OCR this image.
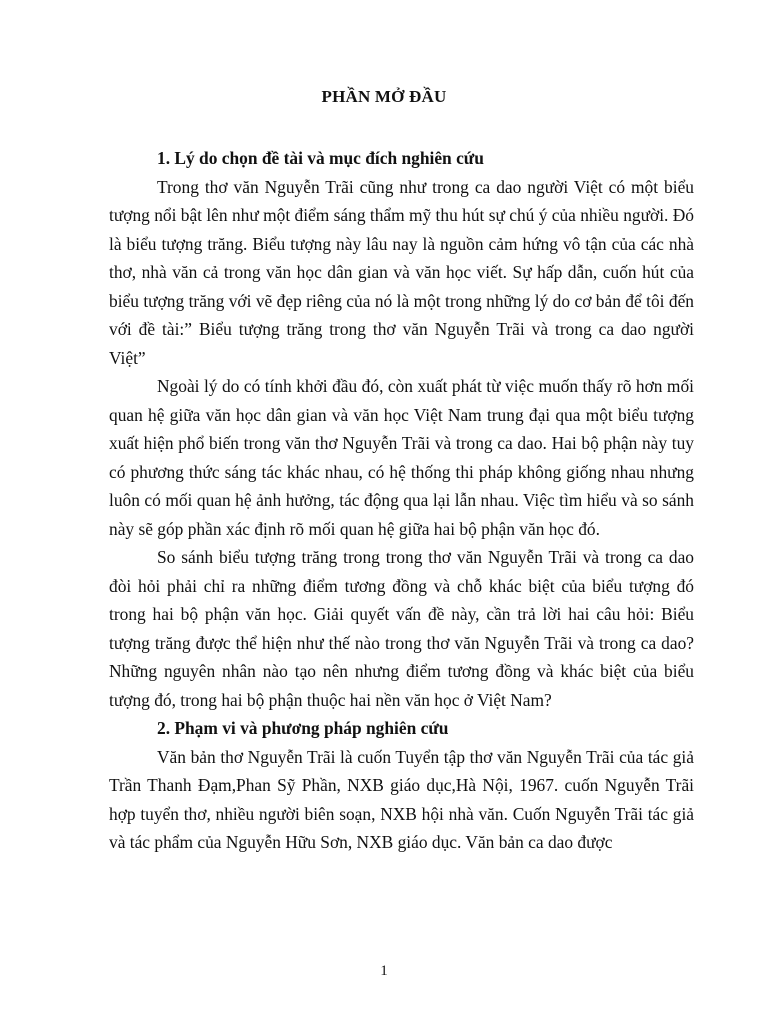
PHẦN MỞ ĐẦU
1. Lý do chọn đề tài và mục đích nghiên cứu

Trong thơ văn Nguyễn Trãi cũng như trong ca dao người Việt có một biểu tượng nổi bật lên như một điểm sáng thẩm mỹ thu hút sự chú ý của nhiều người. Đó là biểu tượng trăng. Biểu tượng này lâu nay là nguồn cảm hứng vô tận của các nhà thơ, nhà văn cả trong văn học dân gian và văn học viết. Sự hấp dẫn, cuốn hút của biểu tượng trăng với vẽ đẹp riêng của nó là một trong những lý do cơ bản để tôi đến với đề tài:” Biểu tượng trăng trong thơ văn Nguyễn Trãi và trong ca dao người Việt”

Ngoài lý do có tính khởi đầu đó, còn xuất phát từ việc muốn thấy rõ hơn mối quan hệ giữa văn học dân gian và văn học Việt Nam trung đại qua một biểu tượng xuất hiện phổ biến trong văn thơ Nguyễn Trãi và trong ca dao. Hai bộ phận này tuy có phương thức sáng tác khác nhau, có hệ thống thi pháp không giống nhau nhưng luôn có mối quan hệ ảnh hưởng, tác động qua lại lẫn nhau. Việc tìm hiểu và so sánh này sẽ góp phần xác định rõ mối quan hệ giữa hai bộ phận văn học đó.

So sánh biểu tượng trăng trong trong thơ văn Nguyễn Trãi và trong ca dao đòi hỏi phải chỉ ra những điểm tương đồng và chỗ khác biệt của biểu tượng đó trong hai bộ phận văn học. Giải quyết vấn đề này, cần trả lời hai câu hỏi: Biểu tượng trăng được thể hiện như thế nào trong thơ văn Nguyễn Trãi và trong ca dao? Những nguyên nhân nào tạo nên nhưng điểm tương đồng và khác biệt của biểu tượng đó, trong hai bộ phận thuộc hai nền văn học ở Việt Nam?

2. Phạm vi và phương pháp nghiên cứu

Văn bản thơ Nguyễn Trãi là cuốn Tuyển tập thơ văn Nguyễn Trãi của tác giả Trần Thanh Đạm,Phan Sỹ Phần, NXB giáo dục,Hà Nội, 1967. cuốn Nguyễn Trãi hợp tuyển thơ, nhiều người biên soạn, NXB hội nhà văn. Cuốn Nguyễn Trãi tác giả và tác phẩm của Nguyễn Hữu Sơn, NXB giáo dục. Văn bản ca dao được

1
